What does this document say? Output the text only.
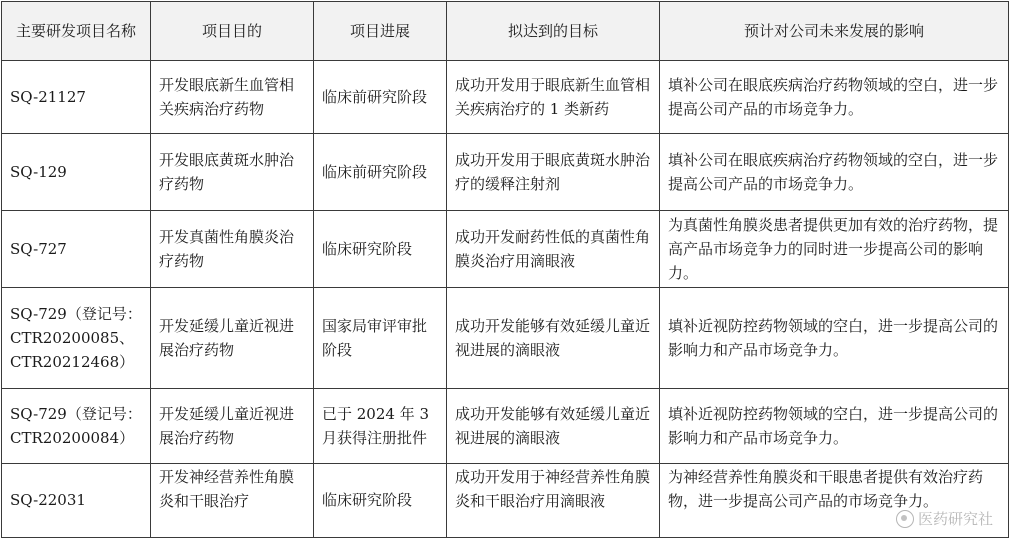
主要研发项目名称	项目目的	项目进展	拟达到的目标	预计对公司未来发展的影响
SQ-21127	开发眼底新生血管相关疾病治疗药物	临床前研究阶段	成功开发用于眼底新生血管相关疾病治疗的 1 类新药	填补公司在眼底疾病治疗药物领域的空白，进一步提高公司产品的市场竞争力。
SQ-129	开发眼底黄斑水肿治疗药物	临床前研究阶段	成功开发用于眼底黄斑水肿治疗的缓释注射剂	填补公司在眼底疾病治疗药物领域的空白，进一步提高公司产品的市场竞争力。
SQ-727	开发真菌性角膜炎治疗药物	临床研究阶段	成功开发耐药性低的真菌性角膜炎治疗用滴眼液	为真菌性角膜炎患者提供更加有效的治疗药物，提高产品市场竞争力的同时进一步提高公司的影响力。
SQ-729（登记号：CTR20200085、CTR20212468）	开发延缓儿童近视进展治疗药物	国家局审评审批阶段	成功开发能够有效延缓儿童近视进展的滴眼液	填补近视防控药物领域的空白，进一步提高公司的影响力和产品市场竞争力。
SQ-729（登记号：CTR20200084）	开发延缓儿童近视进展治疗药物	已于 2024 年 3 月获得注册批件	成功开发能够有效延缓儿童近视进展的滴眼液	填补近视防控药物领域的空白，进一步提高公司的影响力和产品市场竞争力。
SQ-22031	开发神经营养性角膜炎和干眼治疗	临床研究阶段	成功开发用于神经营养性角膜炎和干眼治疗用滴眼液	为神经营养性角膜炎和干眼患者提供有效治疗药物，进一步提高公司产品的市场竞争力。
医药研究社
